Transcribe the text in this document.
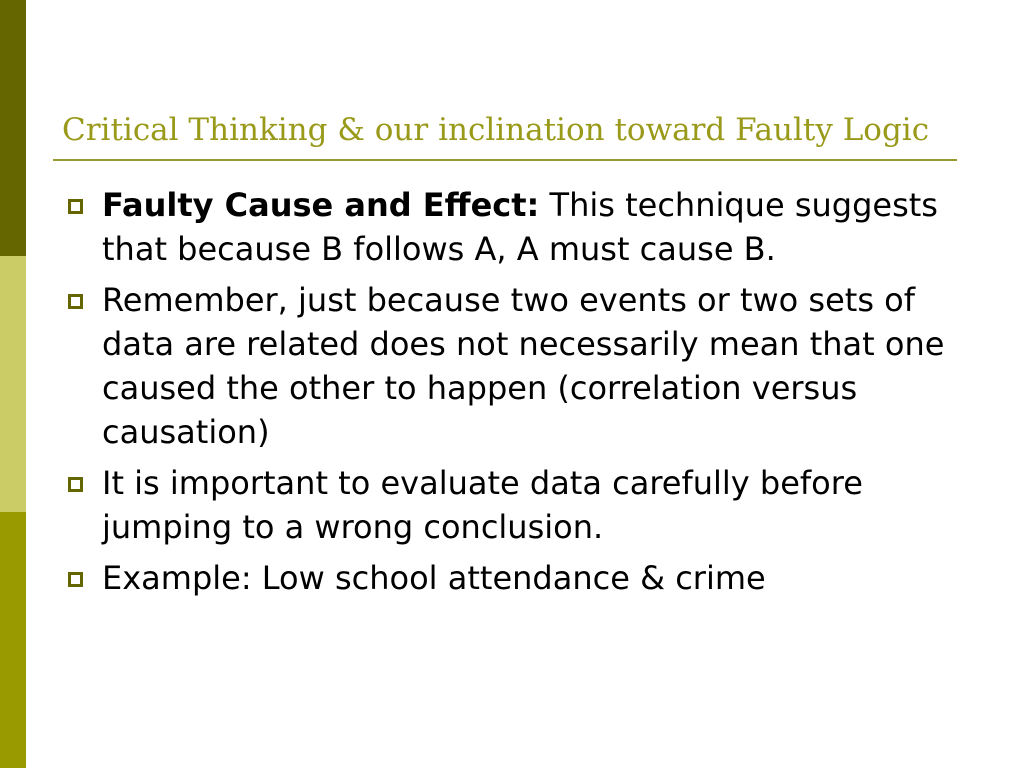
Critical Thinking & our inclination toward Faulty Logic
Faulty Cause and Effect: This technique suggests that because B follows A, A must cause B.
Remember, just because two events or two sets of data are related does not necessarily mean that one caused the other to happen (correlation versus causation)
It is important to evaluate data carefully before jumping to a wrong conclusion.
Example: Low school attendance & crime
